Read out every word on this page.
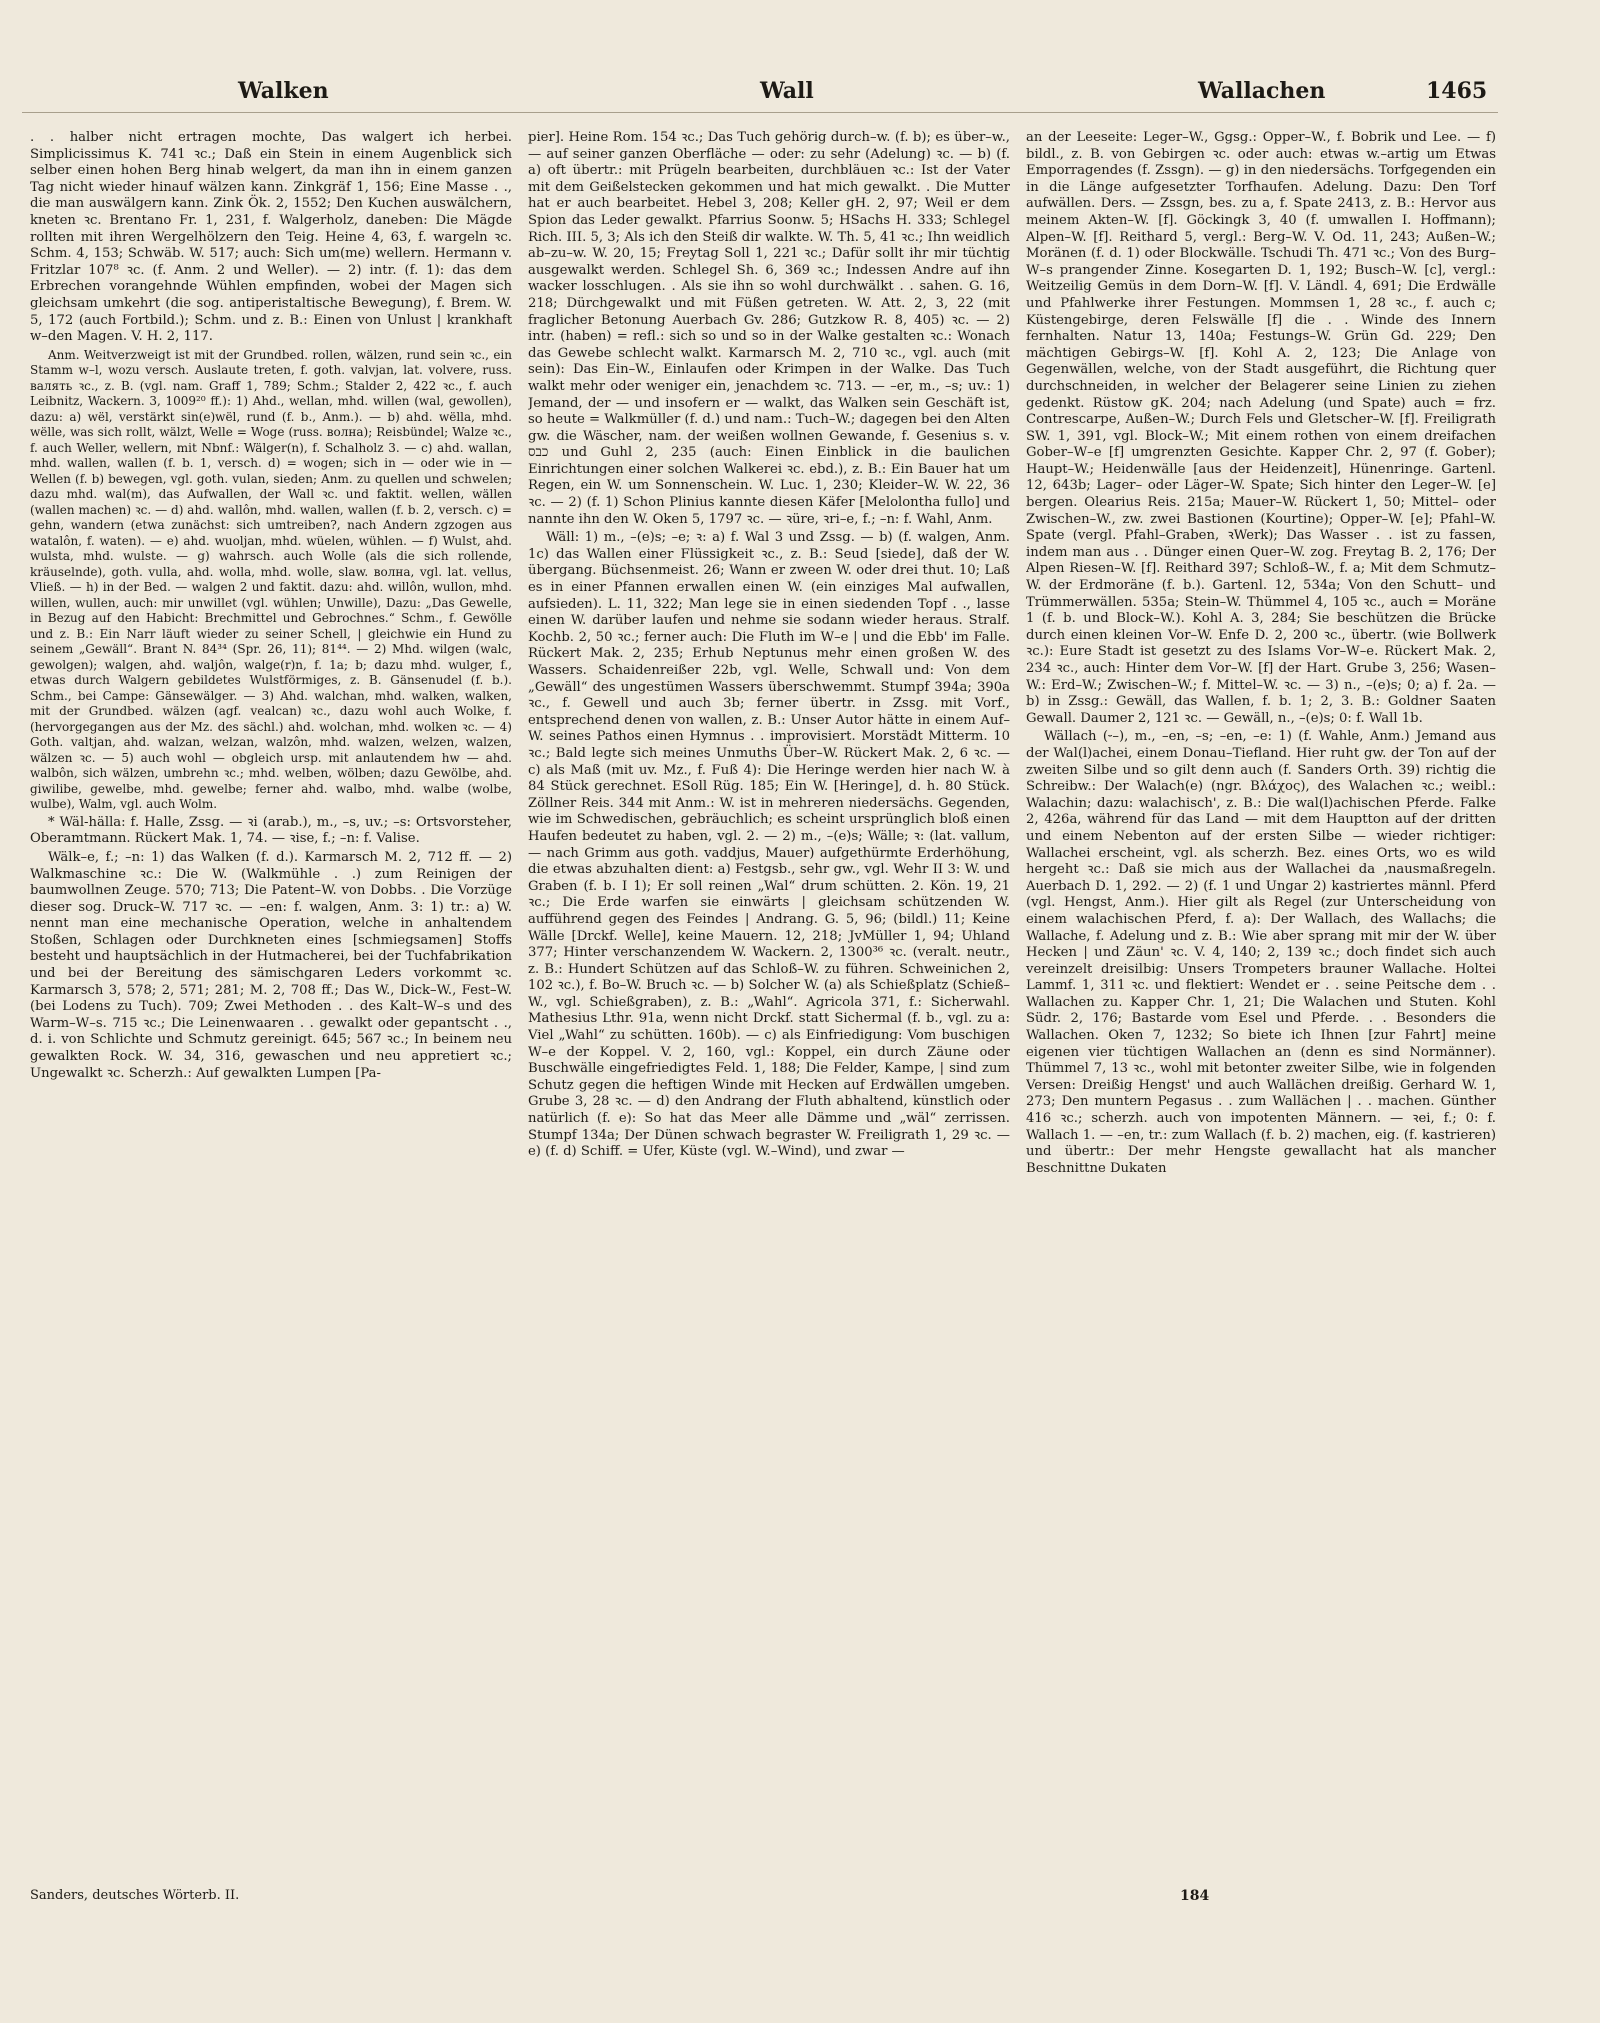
Walken	Wall	Wallachen	1465

. . halber nicht ertragen mochte, Das walgert ich herbei. Simplicissimus K. 741 ꝛc.; Daß ein Stein in einem Augenblick sich selber einen hohen Berg hinab welgert, da man ihn in einem ganzen Tag nicht wieder hinauf wälzen kann. Zinkgräf 1, 156; Eine Masse . ., die man auswälgern kann. Zink Ök. 2, 1552; Den Kuchen auswälchern, kneten ꝛc. Brentano Fr. 1, 231, f. Walgerholz, daneben: Die Mägde rollten mit ihren Wergelhölzern den Teig. Heine 4, 63, f. wargeln ꝛc. Schm. 4, 153; Schwäb. W. 517; auch: Sich um(me) wellern. Hermann v. Fritzlar 107⁸ ꝛc. (f. Anm. 2 und Weller). — 2) intr. (f. 1): das dem Erbrechen vorangehnde Wühlen empfinden, wobei der Magen sich gleichsam umkehrt (die sog. antiperistaltische Bewegung), f. Brem. W. 5, 172 (auch Fortbild.); Schm. und z. B.: Einen von Unlust | krankhaft w–den Magen. V. H. 2, 117.

Anm. Weitverzweigt ist mit der Grundbed. rollen, wälzen, rund sein ꝛc., ein Stamm w–l, wozu versch. Auslaute treten, f. goth. valvjan, lat. volvere, russ. валять ꝛc., z. B. (vgl. nam. Graff 1, 789; Schm.; Stalder 2, 422 ꝛc., f. auch Leibnitz, Wackern. 3, 1009²⁰ ff.): 1) Ahd., wellan, mhd. willen (wal, gewollen), dazu: a) wël, verstärkt sin(e)wël, rund (f. b., Anm.). — b) ahd. wëlla, mhd. wëlle, was sich rollt, wälzt, Welle = Woge (russ. волна); Reisbündel; Walze ꝛc., f. auch Weller, wellern, mit Nbnf.: Wälger(n), f. Schalholz 3. — c) ahd. wallan, mhd. wallen, wallen (f. b. 1, versch. d) = wogen; sich in — oder wie in — Wellen (f. b) bewegen, vgl. goth. vulan, sieden; Anm. zu quellen und schwelen; dazu mhd. wal(m), das Aufwallen, der Wall ꝛc. und faktit. wellen, wällen (wallen machen) ꝛc. — d) ahd. wallôn, mhd. wallen, wallen (f. b. 2, versch. c) = gehn, wandern (etwa zunächst: sich umtreiben?, nach Andern zgzogen aus watalôn, f. waten). — e) ahd. wuoljan, mhd. wüelen, wühlen. — f) Wulst, ahd. wulsta, mhd. wulste. — g) wahrsch. auch Wolle (als die sich rollende, kräuselnde), goth. vulla, ahd. wolla, mhd. wolle, slaw. волна, vgl. lat. vellus, Vließ. — h) in der Bed. — walgen 2 und faktit. dazu: ahd. willôn, wullon, mhd. willen, wullen, auch: mir unwillet (vgl. wühlen; Unwille), Dazu: „Das Gewelle, in Bezug auf den Habicht: Brechmittel und Gebrochnes.“ Schm., f. Gewölle und z. B.: Ein Narr läuft wieder zu seiner Schell, | gleichwie ein Hund zu seinem „Gewäll“. Brant N. 84³⁴ (Spr. 26, 11); 81⁴⁴. — 2) Mhd. wilgen (walc, gewolgen); walgen, ahd. waljôn, walge(r)n, f. 1a; b; dazu mhd. wulger, f., etwas durch Walgern gebildetes Wulstförmiges, z. B. Gänsenudel (f. b.). Schm., bei Campe: Gänsewälger. — 3) Ahd. walchan, mhd. walken, walken, mit der Grundbed. wälzen (agf. vealcan) ꝛc., dazu wohl auch Wolke, f. (hervorgegangen aus der Mz. des sächl.) ahd. wolchan, mhd. wolken ꝛc. — 4) Goth. valtjan, ahd. walzan, welzan, walzôn, mhd. walzen, welzen, walzen, wälzen ꝛc. — 5) auch wohl — obgleich ursp. mit anlautendem hw — ahd. walbôn, sich wälzen, umbrehn ꝛc.; mhd. welben, wölben; dazu Gewölbe, ahd. giwilibe, gewelbe, mhd. gewelbe; ferner ahd. walbo, mhd. walbe (wolbe, wulbe), Walm, vgl. auch Wolm.

* Wäl-hälla: f. Halle, Zssg. — ꝛi (arab.), m., –s, uv.; –s: Ortsvorsteher, Oberamtmann. Rückert Mak. 1, 74. — ꝛise, f.; –n: f. Valise.

Wälk–e, f.; –n: 1) das Walken (f. d.). Karmarsch M. 2, 712 ff. — 2) Walkmaschine ꝛc.: Die W. (Walkmühle . .) zum Reinigen der baumwollnen Zeuge. 570; 713; Die Patent–W. von Dobbs. . Die Vorzüge dieser sog. Druck–W. 717 ꝛc. — –en: f. walgen, Anm. 3: 1) tr.: a) W. nennt man eine mechanische Operation, welche in anhaltendem Stoßen, Schlagen oder Durchkneten eines [schmiegsamen] Stoffs besteht und hauptsächlich in der Hutmacherei, bei der Tuchfabrikation und bei der Bereitung des sämischgaren Leders vorkommt ꝛc. Karmarsch 3, 578; 2, 571; 281; M. 2, 708 ff.; Das W., Dick–W., Fest–W. (bei Lodens zu Tuch). 709; Zwei Methoden . . des Kalt–W–s und des Warm–W–s. 715 ꝛc.; Die Leinenwaaren . . gewalkt oder gepantscht . ., d. i. von Schlichte und Schmutz gereinigt. 645; 567 ꝛc.; In beinem neu gewalkten Rock. W. 34, 316, gewaschen und neu appretiert ꝛc.; Ungewalkt ꝛc. Scherzh.: Auf gewalkten Lumpen [Pa-

pier]. Heine Rom. 154 ꝛc.; Das Tuch gehörig durch–w. (f. b); es über–w., — auf seiner ganzen Oberfläche — oder: zu sehr (Adelung) ꝛc. — b) (f. a) oft übertr.: mit Prügeln bearbeiten, durchbläuen ꝛc.: Ist der Vater mit dem Geißelstecken gekommen und hat mich gewalkt. . Die Mutter hat er auch bearbeitet. Hebel 3, 208; Keller gH. 2, 97; Weil er dem Spion das Leder gewalkt. Pfarrius Soonw. 5; HSachs H. 333; Schlegel Rich. III. 5, 3; Als ich den Steiß dir walkte. W. Th. 5, 41 ꝛc.; Ihn weidlich ab–zu–w. W. 20, 15; Freytag Soll 1, 221 ꝛc.; Dafür sollt ihr mir tüchtig ausgewalkt werden. Schlegel Sh. 6, 369 ꝛc.; Indessen Andre auf ihn wacker losschlugen. . Als sie ihn so wohl durchwälkt . . sahen. G. 16, 218; Dürchgewalkt und mit Füßen getreten. W. Att. 2, 3, 22 (mit fraglicher Betonung Auerbach Gv. 286; Gutzkow R. 8, 405) ꝛc. — 2) intr. (haben) = refl.: sich so und so in der Walke gestalten ꝛc.: Wonach das Gewebe schlecht walkt. Karmarsch M. 2, 710 ꝛc., vgl. auch (mit sein): Das Ein–W., Einlaufen oder Krimpen in der Walke. Das Tuch walkt mehr oder weniger ein, jenachdem ꝛc. 713. — –er, m., –s; uv.: 1) Jemand, der — und insofern er — walkt, das Walken sein Geschäft ist, so heute = Walkmüller (f. d.) und nam.: Tuch–W.; dagegen bei den Alten gw. die Wäscher, nam. der weißen wollnen Gewande, f. Gesenius s. v. כבס und Guhl 2, 235 (auch: Einen Einblick in die baulichen Einrichtungen einer solchen Walkerei ꝛc. ebd.), z. B.: Ein Bauer hat um Regen, ein W. um Sonnenschein. W. Luc. 1, 230; Kleider–W. W. 22, 36 ꝛc. — 2) (f. 1) Schon Plinius kannte diesen Käfer [Melolontha fullo] und nannte ihn den W. Oken 5, 1797 ꝛc. — ꝛüre, ꝛri–e, f.; –n: f. Wahl, Anm.

Wäll: 1) m., –(e)s; –e; ꝛ: a) f. Wal 3 und Zssg. — b) (f. walgen, Anm. 1c) das Wallen einer Flüssigkeit ꝛc., z. B.: Seud [siede], daß der W. übergang. Büchsenmeist. 26; Wann er zween W. oder drei thut. 10; Laß es in einer Pfannen erwallen einen W. (ein einziges Mal aufwallen, aufsieden). L. 11, 322; Man lege sie in einen siedenden Topf . ., lasse einen W. darüber laufen und nehme sie sodann wieder heraus. Stralf. Kochb. 2, 50 ꝛc.; ferner auch: Die Fluth im W–e | und die Ebb' im Falle. Rückert Mak. 2, 235; Erhub Neptunus mehr einen großen W. des Wassers. Schaidenreißer 22b, vgl. Welle, Schwall und: Von dem „Gewäll“ des ungestümen Wassers überschwemmt. Stumpf 394a; 390a ꝛc., f. Gewell und auch 3b; ferner übertr. in Zssg. mit Vorf., entsprechend denen von wallen, z. B.: Unser Autor hätte in einem Auf–W. seines Pathos einen Hymnus . . improvisiert. Morstädt Mitterm. 10 ꝛc.; Bald legte sich meines Unmuths Über–W. Rückert Mak. 2, 6 ꝛc. — c) als Maß (mit uv. Mz., f. Fuß 4): Die Heringe werden hier nach W. à 84 Stück gerechnet. ESoll Rüg. 185; Ein W. [Heringe], d. h. 80 Stück. Zöllner Reis. 344 mit Anm.: W. ist in mehreren niedersächs. Gegenden, wie im Schwedischen, gebräuchlich; es scheint ursprünglich bloß einen Haufen bedeutet zu haben, vgl. 2. — 2) m., –(e)s; Wälle; ꝛ: (lat. vallum, — nach Grimm aus goth. vaddjus, Mauer) aufgethürmte Erderhöhung, die etwas abzuhalten dient: a) Festgsb., sehr gw., vgl. Wehr II 3: W. und Graben (f. b. I 1); Er soll reinen „Wal“ drum schütten. 2. Kön. 19, 21 ꝛc.; Die Erde warfen sie einwärts | gleichsam schützenden W. aufführend gegen des Feindes | Andrang. G. 5, 96; (bildl.) 11; Keine Wälle [Drckf. Welle], keine Mauern. 12, 218; JvMüller 1, 94; Uhland 377; Hinter verschanzendem W. Wackern. 2, 1300³⁶ ꝛc. (veralt. neutr., z. B.: Hundert Schützen auf das Schloß–W. zu führen. Schweinichen 2, 102 ꝛc.), f. Bo–W. Bruch ꝛc. — b) Solcher W. (a) als Schießplatz (Schieß–W., vgl. Schießgraben), z. B.: „Wahl“. Agricola 371, f.: Sicherwahl. Mathesius Lthr. 91a, wenn nicht Drckf. statt Sichermal (f. b., vgl. zu a: Viel „Wahl“ zu schütten. 160b). — c) als Einfriedigung: Vom buschigen W–e der Koppel. V. 2, 160, vgl.: Koppel, ein durch Zäune oder Buschwälle eingefriedigtes Feld. 1, 188; Die Felder, Kampe, | sind zum Schutz gegen die heftigen Winde mit Hecken auf Erdwällen umgeben. Grube 3, 28 ꝛc. — d) den Andrang der Fluth abhaltend, künstlich oder natürlich (f. e): So hat das Meer alle Dämme und „wäl“ zerrissen. Stumpf 134a; Der Dünen schwach begraster W. Freiligrath 1, 29 ꝛc. — e) (f. d) Schiff. = Ufer, Küste (vgl. W.–Wind), und zwar —

an der Leeseite: Leger–W., Ggsg.: Opper–W., f. Bobrik und Lee. — f) bildl., z. B. von Gebirgen ꝛc. oder auch: etwas w.–artig um Etwas Emporragendes (f. Zssgn). — g) in den niedersächs. Torfgegenden ein in die Länge aufgesetzter Torfhaufen. Adelung. Dazu: Den Torf aufwällen. Ders. — Zssgn, bes. zu a, f. Spate 2413, z. B.: Hervor aus meinem Akten–W. [f]. Göckingk 3, 40 (f. umwallen I. Hoffmann); Alpen–W. [f]. Reithard 5, vergl.: Berg–W. V. Od. 11, 243; Außen–W.; Moränen (f. d. 1) oder Blockwälle. Tschudi Th. 471 ꝛc.; Von des Burg–W–s prangender Zinne. Kosegarten D. 1, 192; Busch–W. [c], vergl.: Weitzeilig Gemüs in dem Dorn–W. [f]. V. Ländl. 4, 691; Die Erdwälle und Pfahlwerke ihrer Festungen. Mommsen 1, 28 ꝛc., f. auch c; Küstengebirge, deren Felswälle [f] die . . Winde des Innern fernhalten. Natur 13, 140a; Festungs–W. Grün Gd. 229; Den mächtigen Gebirgs–W. [f]. Kohl A. 2, 123; Die Anlage von Gegenwällen, welche, von der Stadt ausgeführt, die Richtung quer durchschneiden, in welcher der Belagerer seine Linien zu ziehen gedenkt. Rüstow gK. 204; nach Adelung (und Spate) auch = frz. Contrescarpe, Außen–W.; Durch Fels und Gletscher–W. [f]. Freiligrath SW. 1, 391, vgl. Block–W.; Mit einem rothen von einem dreifachen Gober–W–e [f] umgrenzten Gesichte. Kapper Chr. 2, 97 (f. Gober); Haupt–W.; Heidenwälle [aus der Heidenzeit], Hünenringe. Gartenl. 12, 643b; Lager– oder Läger–W. Spate; Sich hinter den Leger–W. [e] bergen. Olearius Reis. 215a; Mauer–W. Rückert 1, 50; Mittel– oder Zwischen–W., zw. zwei Bastionen (Kourtine); Opper–W. [e]; Pfahl–W. Spate (vergl. Pfahl–Graben, ꝛWerk); Das Wasser . . ist zu fassen, indem man aus . . Dünger einen Quer–W. zog. Freytag B. 2, 176; Der Alpen Riesen–W. [f]. Reithard 397; Schloß–W., f. a; Mit dem Schmutz–W. der Erdmoräne (f. b.). Gartenl. 12, 534a; Von den Schutt– und Trümmerwällen. 535a; Stein–W. Thümmel 4, 105 ꝛc., auch = Moräne 1 (f. b. und Block–W.). Kohl A. 3, 284; Sie beschützen die Brücke durch einen kleinen Vor–W. Enfe D. 2, 200 ꝛc., übertr. (wie Bollwerk ꝛc.): Eure Stadt ist gesetzt zu des Islams Vor–W–e. Rückert Mak. 2, 234 ꝛc., auch: Hinter dem Vor–W. [f] der Hart. Grube 3, 256; Wasen–W.: Erd–W.; Zwischen–W.; f. Mittel–W. ꝛc. — 3) n., –(e)s; 0; a) f. 2a. — b) in Zssg.: Gewäll, das Wallen, f. b. 1; 2, 3. B.: Goldner Saaten Gewall. Daumer 2, 121 ꝛc. — Gewäll, n., –(e)s; 0: f. Wall 1b.

Wällach (⏑–), m., –en, –s; –en, –e: 1) (f. Wahle, Anm.) Jemand aus der Wal(l)achei, einem Donau–Tiefland. Hier ruht gw. der Ton auf der zweiten Silbe und so gilt denn auch (f. Sanders Orth. 39) richtig die Schreibw.: Der Walach(e) (ngr. Βλάχος), des Walachen ꝛc.; weibl.: Walachin; dazu: walachisch', z. B.: Die wal(l)achischen Pferde. Falke 2, 426a, während für das Land — mit dem Hauptton auf der dritten und einem Nebenton auf der ersten Silbe — wieder richtiger: Wallachei erscheint, vgl. als scherzh. Bez. eines Orts, wo es wild hergeht ꝛc.: Daß sie mich aus der Wallachei da ‚nausmaßregeln. Auerbach D. 1, 292. — 2) (f. 1 und Ungar 2) kastriertes männl. Pferd (vgl. Hengst, Anm.). Hier gilt als Regel (zur Unterscheidung von einem walachischen Pferd, f. a): Der Wallach, des Wallachs; die Wallache, f. Adelung und z. B.: Wie aber sprang mit mir der W. über Hecken | und Zäun' ꝛc. V. 4, 140; 2, 139 ꝛc.; doch findet sich auch vereinzelt dreisilbig: Unsers Trompeters brauner Wallache. Holtei Lammf. 1, 311 ꝛc. und flektiert: Wendet er . . seine Peitsche dem . . Wallachen zu. Kapper Chr. 1, 21; Die Walachen und Stuten. Kohl Südr. 2, 176; Bastarde vom Esel und Pferde. . . Besonders die Wallachen. Oken 7, 1232; So biete ich Ihnen [zur Fahrt] meine eigenen vier tüchtigen Wallachen an (denn es sind Normänner). Thümmel 7, 13 ꝛc., wohl mit betonter zweiter Silbe, wie in folgenden Versen: Dreißig Hengst' und auch Wallächen dreißig. Gerhard W. 1, 273; Den muntern Pegasus . . zum Wallächen | . . machen. Günther 416 ꝛc.; scherzh. auch von impotenten Männern. — ꝛei, f.; 0: f. Wallach 1. — –en, tr.: zum Wallach (f. b. 2) machen, eig. (f. kastrieren) und übertr.: Der mehr Hengste gewallacht hat als mancher Beschnittne Dukaten

Sanders, deutsches Wörterb. II.	184
